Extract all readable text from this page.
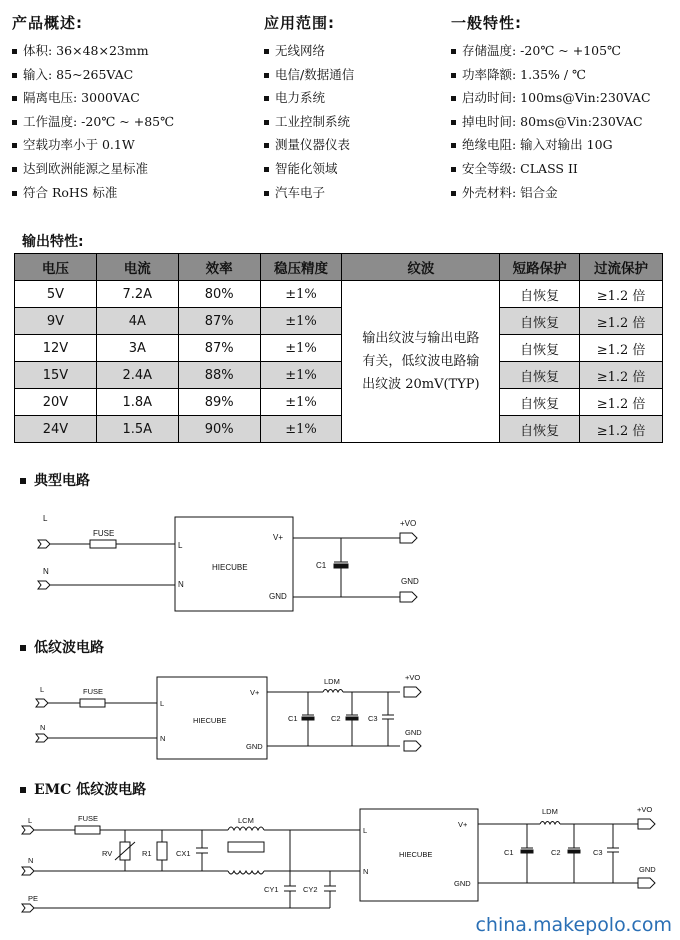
产品概述:
体积: 36×48×23mm
输入: 85~265VAC
隔离电压: 3000VAC
工作温度: -20℃ ~ +85℃
空载功率小于 0.1W
达到欧洲能源之星标准
符合 RoHS 标准
应用范围:
无线网络
电信/数据通信
电力系统
工业控制系统
测量仪器仪表
智能化领域
汽车电子
一般特性:
存储温度: -20℃ ~ +105℃
功率降额: 1.35% / ℃
启动时间: 100ms@Vin:230VAC
掉电时间: 80ms@Vin:230VAC
绝缘电阻: 输入对输出 10G
安全等级: CLASS II
外壳材料: 铝合金
输出特性:
电压	电流	效率	稳压精度	纹波	短路保护	过流保护
5V	7.2A	80%	±1%	输出纹波与输出电路
有关，低纹波电路输
出纹波 20mV(TYP)	自恢复	≥1.2 倍
9V	4A	87%	±1%		自恢复	≥1.2 倍
12V	3A	87%	±1%		自恢复	≥1.2 倍
15V	2.4A	88%	±1%		自恢复	≥1.2 倍
20V	1.8A	89%	±1%		自恢复	≥1.2 倍
24V	1.5A	90%	±1%		自恢复	≥1.2 倍
典型电路
低纹波电路
EMC 低纹波电路
L
FUSE
N
L
N
HIECUBE
V+
GND
C1
+VO
GND
L	FUSE
N
L
N
HIECUBE
V+
GND
LDM
C1	C2	C3
+VO
GND
L	FUSE
N
PE
RV	R1	CX1
LCM
CY1	CY2
L
N
HIECUBE
V+
GND
LDM
C1	C2	C3
+VO
GND
china.makepolo.com
